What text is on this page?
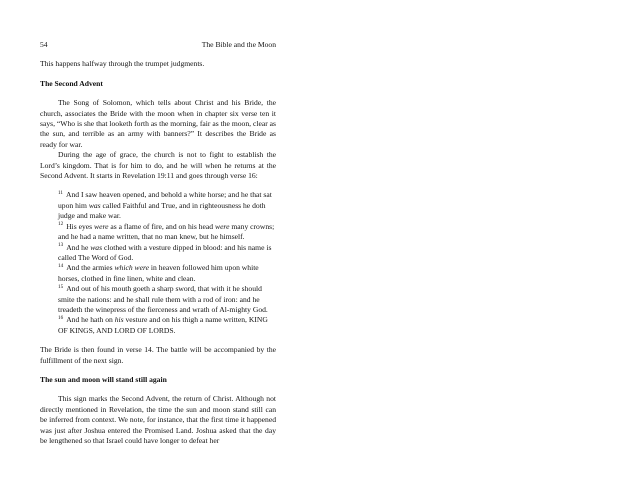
54	The Bible and the Moon

This happens halfway through the trumpet judgments.

The Second Advent

The Song of Solomon, which tells about Christ and his Bride, the church, associates the Bride with the moon when in chapter six verse ten it says, “Who is she that looketh forth as the morning, fair as the moon, clear as the sun, and terrible as an army with banners?” It describes the Bride as ready for war.

During the age of grace, the church is not to fight to establish the Lord’s kingdom. That is for him to do, and he will when he returns at the Second Advent. It starts in Revelation 19:11 and goes through verse 16:

$^{11}$ And I saw heaven opened, and behold a white horse; and he that sat upon him was called Faithful and True, and in righteousness he doth judge and make war.

$^{12}$ His eyes were as a flame of fire, and on his head were many crowns; and he had a name written, that no man knew, but he himself.

$^{13}$ And he was clothed with a vesture dipped in blood: and his name is called The Word of God.

$^{14}$ And the armies which were in heaven followed him upon white horses, clothed in fine linen, white and clean.

$^{15}$ And out of his mouth goeth a sharp sword, that with it he should smite the nations: and he shall rule them with a rod of iron: and he treadeth the winepress of the fierceness and wrath of Al-mighty God.

$^{16}$ And he hath on his vesture and on his thigh a name written, KING OF KINGS, AND LORD OF LORDS.

The Bride is then found in verse 14. The battle will be accompanied by the fulfillment of the next sign.

The sun and moon will stand still again

This sign marks the Second Advent, the return of Christ. Although not directly mentioned in Revelation, the time the sun and moon stand still can be inferred from context. We note, for instance, that the first time it happened was just after Joshua entered the Promised Land. Joshua asked that the day be lengthened so that Israel could have longer to defeat her
